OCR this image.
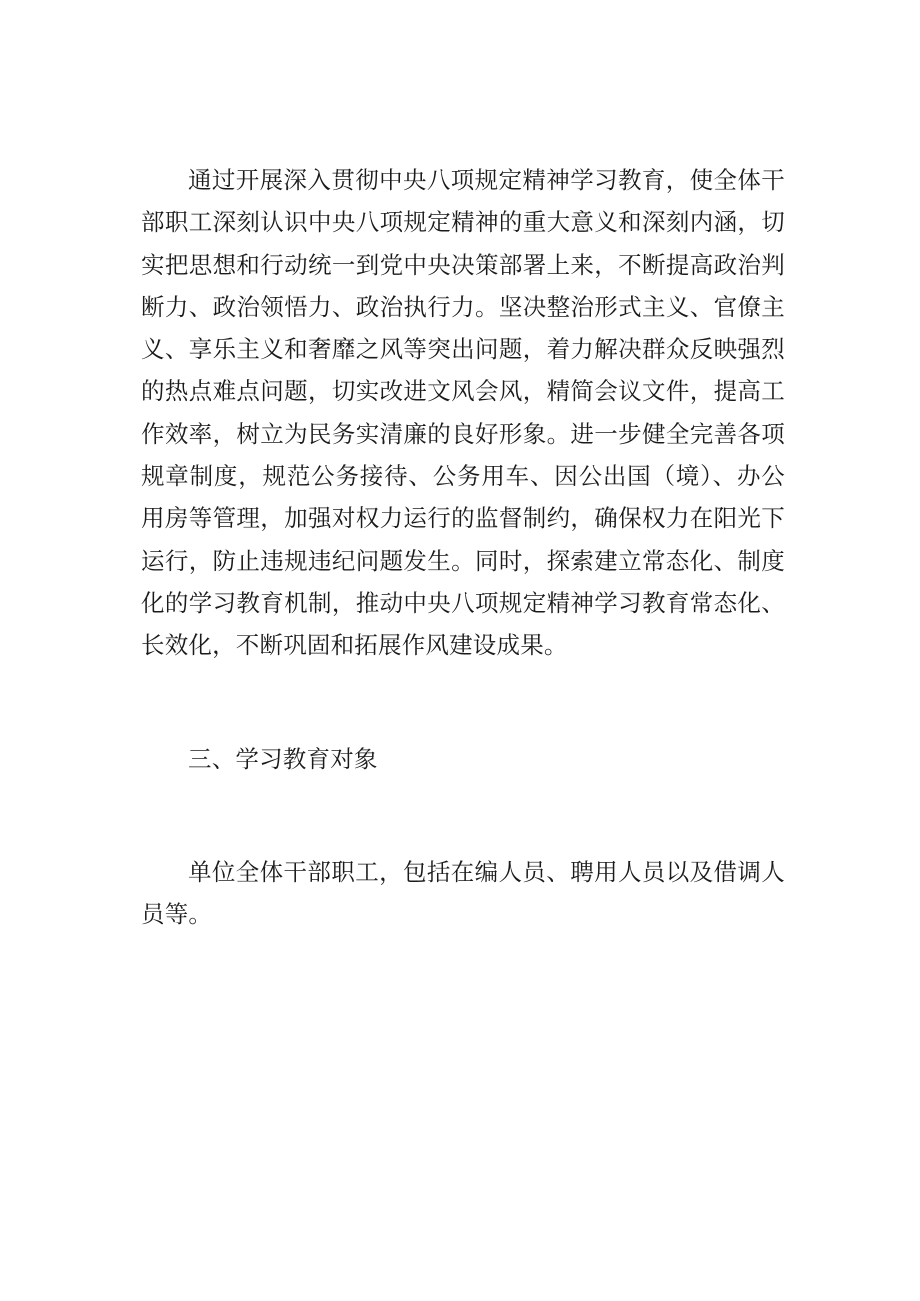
通过开展深入贯彻中央八项规定精神学习教育，使全体干部职工深刻认识中央八项规定精神的重大意义和深刻内涵，切实把思想和行动统一到党中央决策部署上来，不断提高政治判断力、政治领悟力、政治执行力。坚决整治形式主义、官僚主义、享乐主义和奢靡之风等突出问题，着力解决群众反映强烈的热点难点问题，切实改进文风会风，精简会议文件，提高工作效率，树立为民务实清廉的良好形象。进一步健全完善各项规章制度，规范公务接待、公务用车、因公出国（境）、办公用房等管理，加强对权力运行的监督制约，确保权力在阳光下运行，防止违规违纪问题发生。同时，探索建立常态化、制度化的学习教育机制，推动中央八项规定精神学习教育常态化、长效化，不断巩固和拓展作风建设成果。

三、学习教育对象

单位全体干部职工，包括在编人员、聘用人员以及借调人员等。
